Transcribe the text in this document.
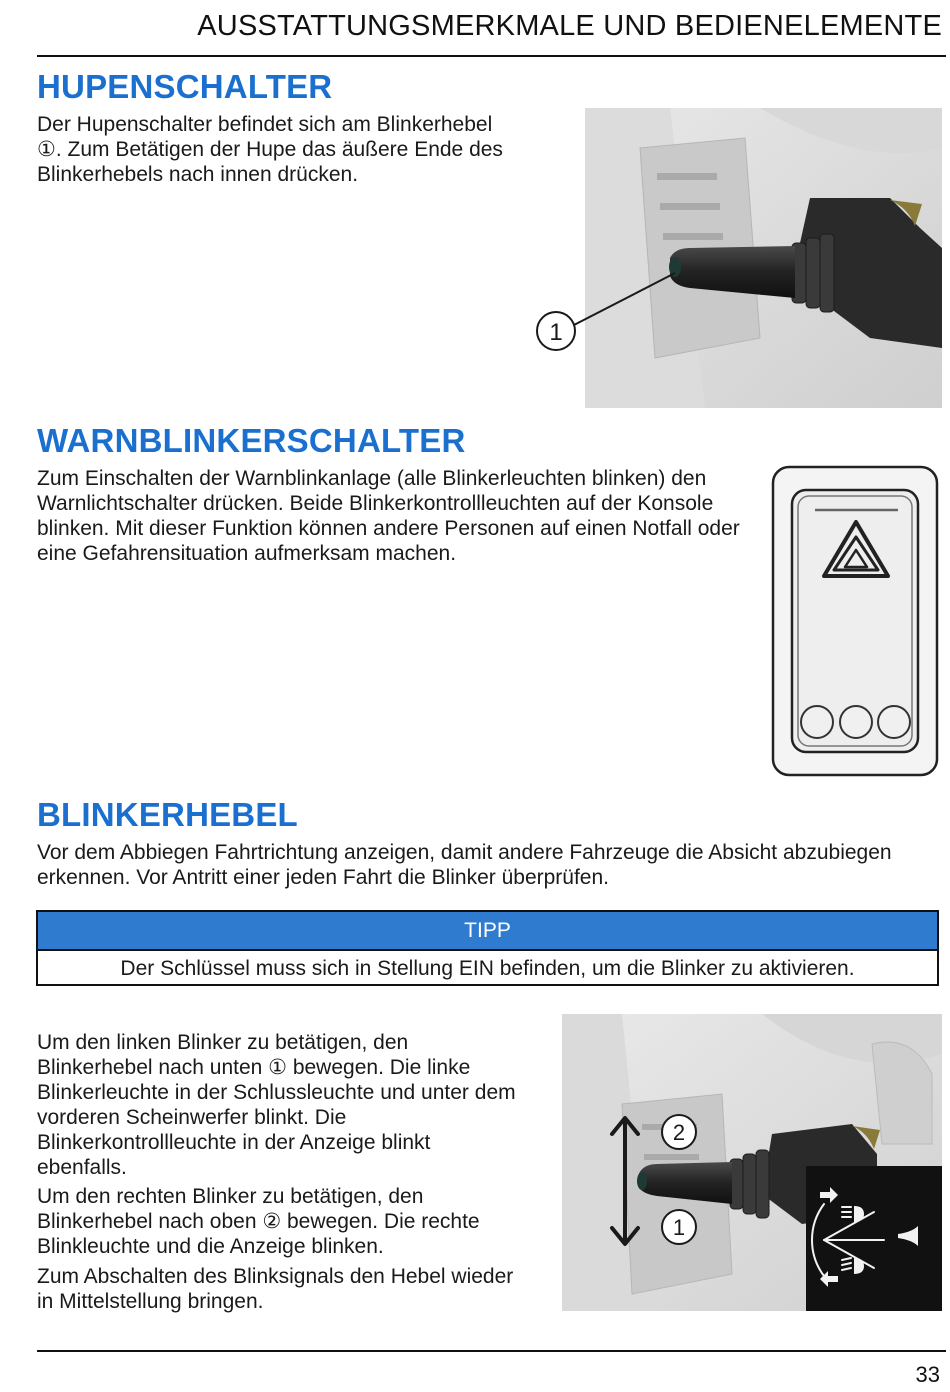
AUSSTATTUNGSMERKMALE UND BEDIENELEMENTE
HUPENSCHALTER

Der Hupenschalter befindet sich am Blinkerhebel ①. Zum Betätigen der Hupe das äußere Ende des Blinkerhebels nach innen drücken.

1
WARNBLINKERSCHALTER

Zum Einschalten der Warnblinkanlage (alle Blinkerleuchten blinken) den Warnlichtschalter drücken. Beide Blinkerkontrollleuchten auf der Konsole blinken. Mit dieser Funktion können andere Personen auf einen Notfall oder eine Gefahrensituation aufmerksam machen.

BLINKERHEBEL

Vor dem Abbiegen Fahrtrichtung anzeigen, damit andere Fahrzeuge die Absicht abzubiegen erkennen. Vor Antritt einer jeden Fahrt die Blinker überprüfen.

TIPP
Der Schlüssel muss sich in Stellung EIN befinden, um die Blinker zu aktivieren.

Um den linken Blinker zu betätigen, den Blinkerhebel nach unten ① bewegen. Die linke Blinkerleuchte in der Schlussleuchte und unter dem vorderen Scheinwerfer blinkt. Die Blinkerkontrollleuchte in der Anzeige blinkt ebenfalls.

Um den rechten Blinker zu betätigen, den Blinkerhebel nach oben ② bewegen. Die rechte Blinkleuchte und die Anzeige blinken.

Zum Abschalten des Blinksignals den Hebel wieder in Mittelstellung bringen.

2
1
33
